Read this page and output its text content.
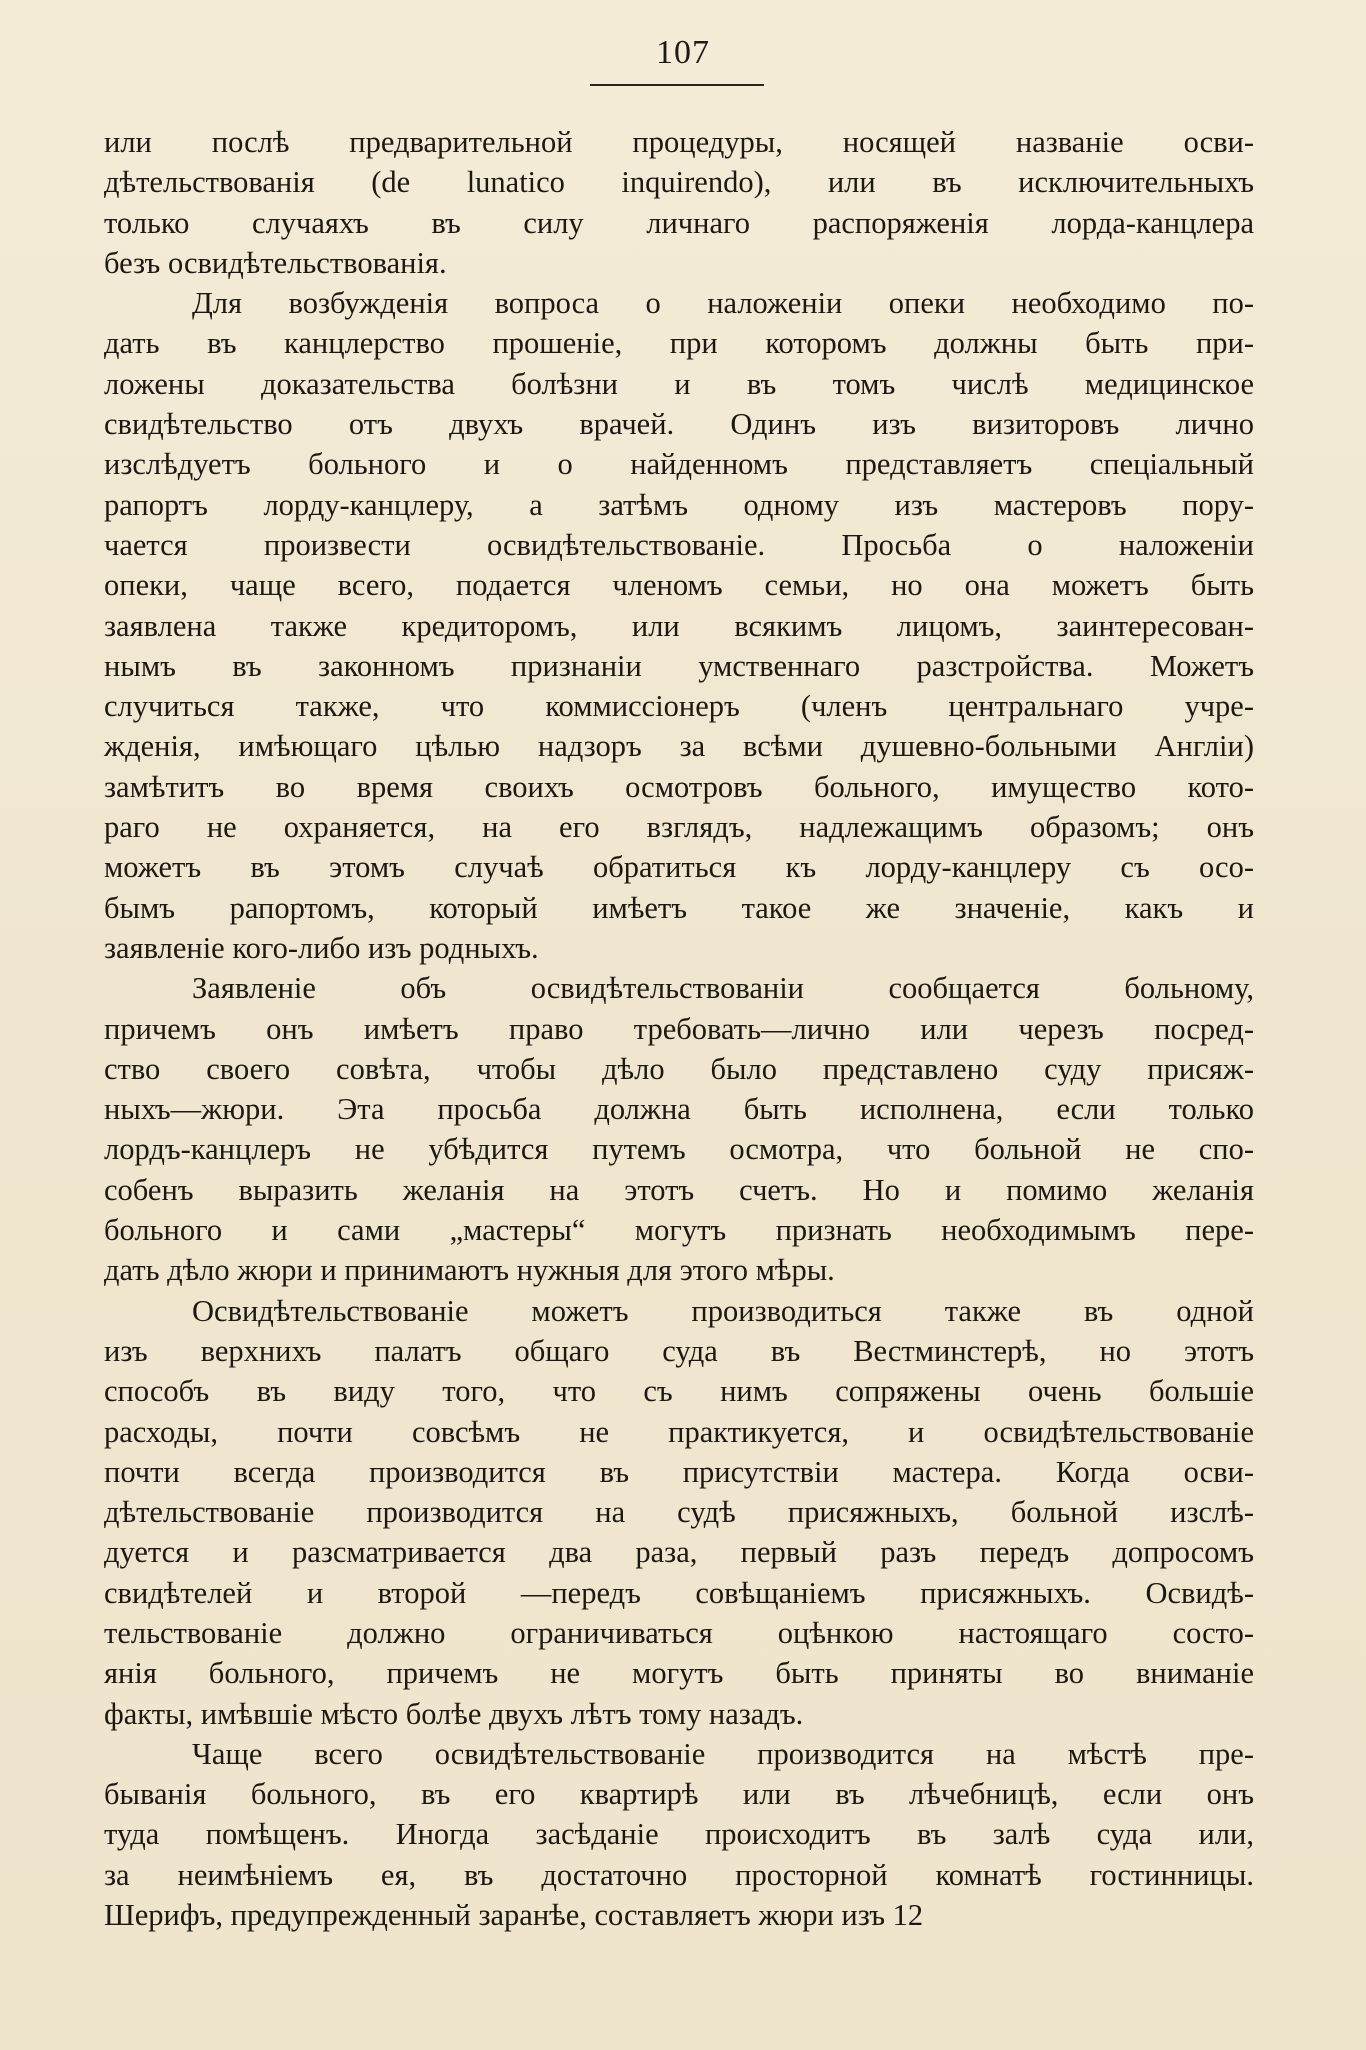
107
или послѣ предварительной процедуры, носящей названіе осви-
дѣтельствованія (de lunatico inquirendo), или въ исключительныхъ
только случаяхъ въ силу личнаго распоряженія лорда-канцлера
безъ освидѣтельствованія.
Для возбужденія вопроса о наложеніи опеки необходимо по-
дать въ канцлерство прошеніе, при которомъ должны быть при-
ложены доказательства болѣзни и въ томъ числѣ медицинское
свидѣтельство отъ двухъ врачей. Одинъ изъ визиторовъ лично
изслѣдуетъ больного и о найденномъ представляетъ спеціальный
рапортъ лорду-канцлеру, а затѣмъ одному изъ мастеровъ пору-
чается произвести освидѣтельствованіе. Просьба о наложеніи
опеки, чаще всего, подается членомъ семьи, но она можетъ быть
заявлена также кредиторомъ, или всякимъ лицомъ, заинтересован-
нымъ въ законномъ признаніи умственнаго разстройства. Можетъ
случиться также, что коммиссіонеръ (членъ центральнаго учре-
жденія, имѣющаго цѣлью надзоръ за всѣми душевно-больными Англіи)
замѣтитъ во время своихъ осмотровъ больного, имущество кото-
раго не охраняется, на его взглядъ, надлежащимъ образомъ; онъ
можетъ въ этомъ случаѣ обратиться къ лорду-канцлеру съ осо-
бымъ рапортомъ, который имѣетъ такое же значеніе, какъ и
заявленіе кого-либо изъ родныхъ.
Заявленіе объ освидѣтельствованіи сообщается больному,
причемъ онъ имѣетъ право требовать—лично или черезъ посред-
ство своего совѣта, чтобы дѣло было представлено суду присяж-
ныхъ—жюри. Эта просьба должна быть исполнена, если только
лордъ-канцлеръ не убѣдится путемъ осмотра, что больной не спо-
собенъ выразить желанія на этотъ счетъ. Но и помимо желанія
больного и сами „мастеры“ могутъ признать необходимымъ пере-
дать дѣло жюри и принимаютъ нужныя для этого мѣры.
Освидѣтельствованіе можетъ производиться также въ одной
изъ верхнихъ палатъ общаго суда въ Вестминстерѣ, но этотъ
способъ въ виду того, что съ нимъ сопряжены очень большіе
расходы, почти совсѣмъ не практикуется, и освидѣтельствованіе
почти всегда производится въ присутствіи мастера. Когда осви-
дѣтельствованіе производится на судѣ присяжныхъ, больной изслѣ-
дуется и разсматривается два раза, первый разъ передъ допросомъ
свидѣтелей и второй —передъ совѣщаніемъ присяжныхъ. Освидѣ-
тельствованіе должно ограничиваться оцѣнкою настоящаго состо-
янія больного, причемъ не могутъ быть приняты во вниманіе
факты, имѣвшіе мѣсто болѣе двухъ лѣтъ тому назадъ.
Чаще всего освидѣтельствованіе производится на мѣстѣ пре-
быванія больного, въ его квартирѣ или въ лѣчебницѣ, если онъ
туда помѣщенъ. Иногда засѣданіе происходитъ въ залѣ суда или,
за неимѣніемъ ея, въ достаточно просторной комнатѣ гостинницы.
Шерифъ, предупрежденный заранѣе, составляетъ жюри изъ 12
